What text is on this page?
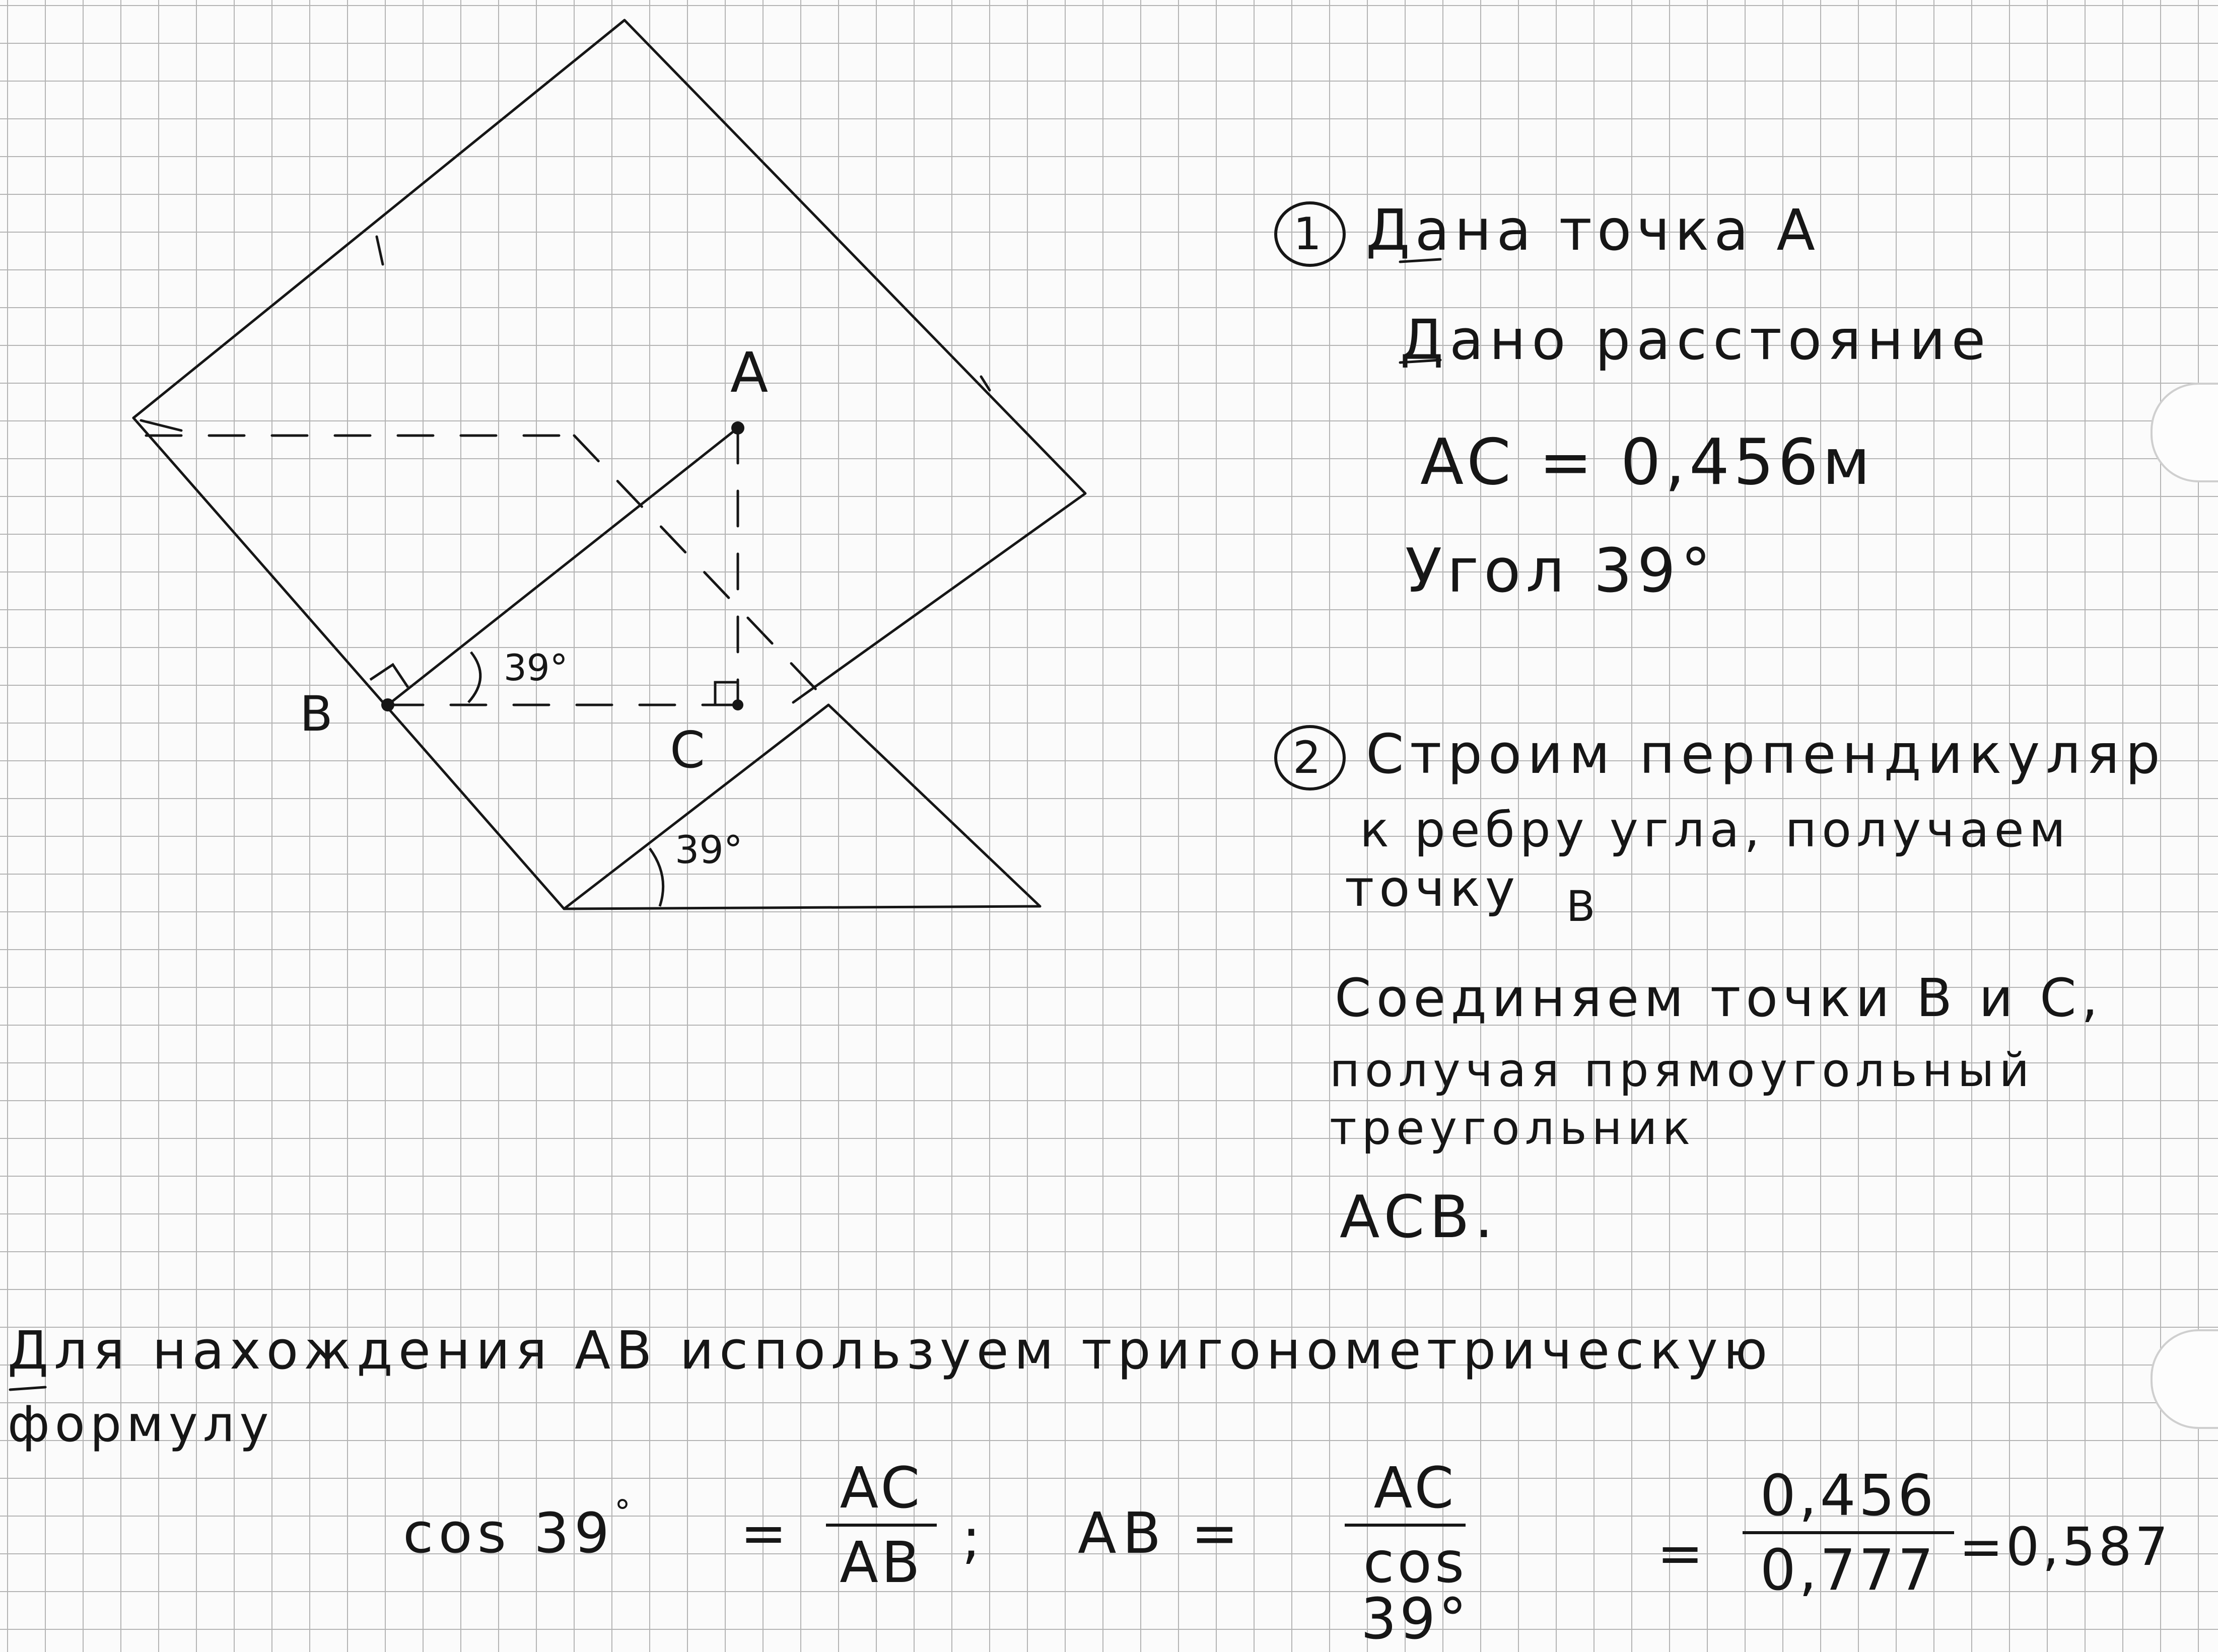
A
B
C
39°
39°
1 Дана точка A
Дано расстояние
AC = 0,456м
Угол 39°
2 Строим перпендикуляр
к ребру угла, получаем
точку $_B$
Соединяем точки B и C,
получая прямоугольный
треугольник
ACB.
Для нахождения AB используем тригонометрическую
формулу
cos 39° =
AC
AB ; AB =
AC
cos 39°
=
0,456
0,777 =0,587
